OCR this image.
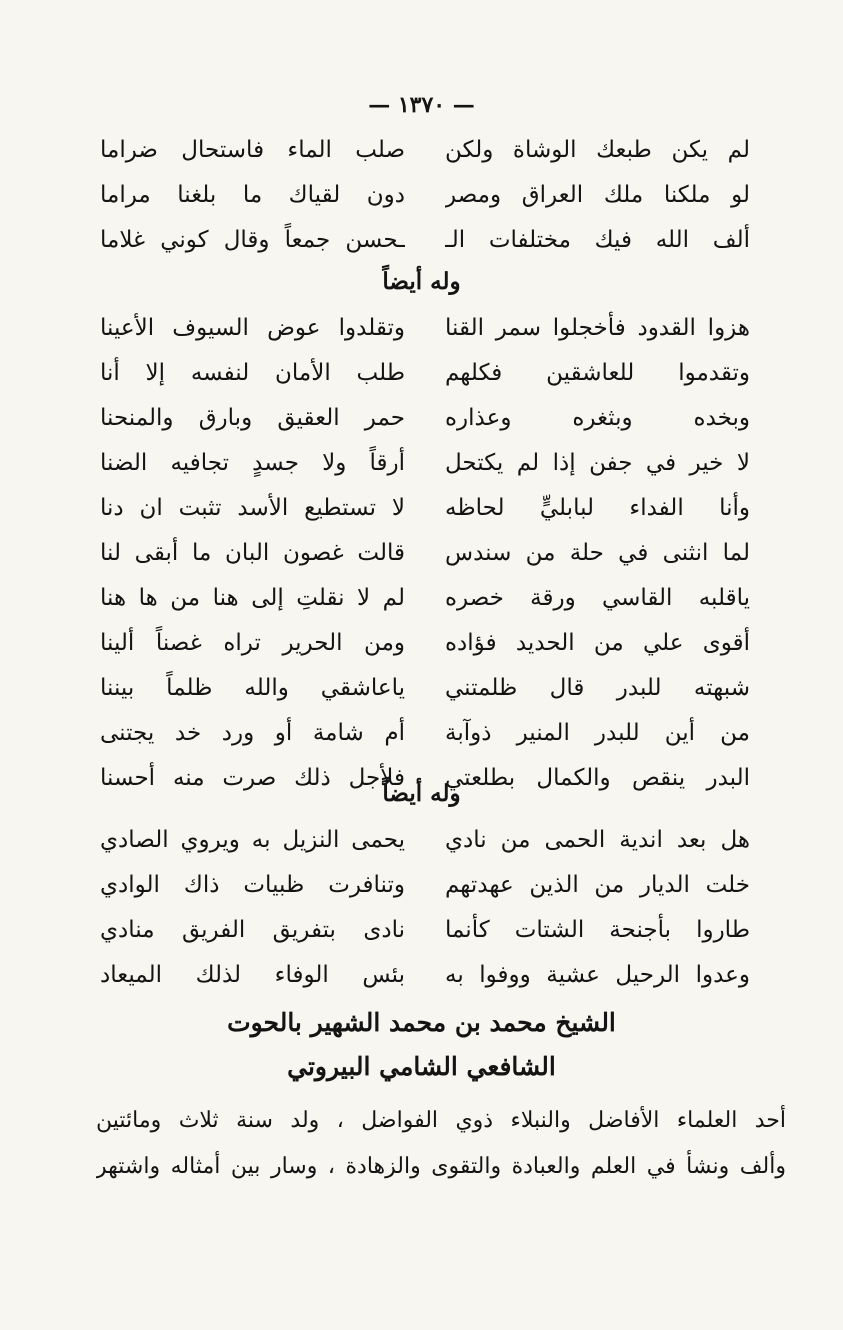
— ١٣٧٠ —
لم يكن طبعك الوشاة ولكن
صلب الماء فاستحال ضراما
لو ملكنا ملك العراق ومصر
دون لقياك ما بلغنا مراما
ألف الله فيك مختلفات الـ
ـحسن جمعاً وقال كوني غلاما
وله أيضاً
هزوا القدود فأخجلوا سمر القنا
وتقلدوا عوض السيوف الأعينا
وتقدموا للعاشقين فكلهم
طلب الأمان لنفسه إلا أنا
وبخده وبثغره وعذاره
حمر العقيق وبارق والمنحنا
لا خير في جفن إذا لم يكتحل
أرقاً ولا جسدٍ تجافيه الضنا
وأنا الفداء لبابليٍّ لحاظه
لا تستطيع الأسد تثبت ان دنا
لما انثنى في حلة من سندس
قالت غصون البان ما أبقى لنا
ياقلبه القاسي ورقة خصره
لم لا نقلتِ إلى هنا من ها هنا
أقوى علي من الحديد فؤاده
ومن الحرير تراه غصناً ألينا
شبهته للبدر قال ظلمتني
ياعاشقي والله ظلماً بيننا
من أين للبدر المنير ذوآبة
أم شامة أو ورد خد يجتنى
البدر ينقص والكمال بطلعتي
فلأجل ذلك صرت منه أحسنا
وله أيضاً
هل بعد اندية الحمى من نادي
يحمى النزيل به ويروي الصادي
خلت الديار من الذين عهدتهم
وتنافرت ظبيات ذاك الوادي
طاروا بأجنحة الشتات كأنما
نادى بتفريق الفريق منادي
وعدوا الرحيل عشية ووفوا به
بئس الوفاء لذلك الميعاد
الشيخ محمد بن محمد الشهير بالحوت
الشافعي الشامي البيروتي
أحد العلماء الأفاضل والنبلاء ذوي الفواضل ، ولد سنة ثلاث ومائتين
وألف ونشأ في العلم والعبادة والتقوى والزهادة ، وسار بين أمثاله واشتهر
